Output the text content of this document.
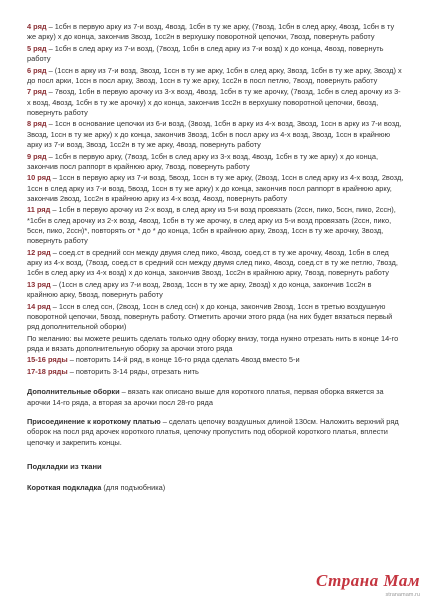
4 ряд – 1сбн в первую арку из 7-и возд, 4возд, 1сбн в ту же арку, (7возд, 1сбн в след арку, 4возд, 1сбн в ту же арку) х до конца, закончив 3возд, 1сс2н в верхушку поворотной цепочки, 7возд, повернуть работу

5 ряд – 1сбн в след арку из 7-и возд, (7возд, 1сбн в след арку из 7-и возд) х до конца, 4возд, повернуть работу

6 ряд – (1ссн в арку из 7-и возд, 3возд, 1ссн в ту же арку, 1сбн в след арку, 3возд, 1сбн в ту же арку, 3возд) х до посл арки, 1ссн в посл арку, 3возд, 1ссн в ту же арку, 1сс2н в посл петлю, 7возд, повернуть работу

7 ряд – 7возд, 1сбн в первую арочку из 3-х возд, 4возд, 1сбн в ту же арочку, (7возд, 1сбн в след арочку из 3-х возд, 4возд, 1сбн в ту же арочку) х до конца, закончив 1сс2н в верхушку поворотной цепочки, 6возд, повернуть работу

8 ряд – 1ссн в основание цепочки из 6-и возд, (3возд, 1сбн в арку из 4-х возд, 3возд, 1ссн в арку из 7-и возд, 3возд, 1ссн в ту же арку) х до конца, закончив 3возд, 1сбн в посл арку из 4-х возд, 3возд, 1ссн в крайнюю арку из 7-и возд, 3возд, 1сс2н в ту же арку, 4возд, повернуть работу

9 ряд – 1сбн в первую арку, (7возд, 1сбн в след арку из 3-х возд, 4возд, 1сбн в ту же арку) х до конца, закончив посл раппорт в крайнюю арку, 7возд, повернуть работу

10 ряд – 1ссн в первую арку из 7-и возд, 5возд, 1ссн в ту же арку, (2возд, 1ссн в след арку из 4-х возд, 2возд, 1ссн в след арку из 7-и возд, 5возд, 1ссн в ту же арку) х до конца, закончив посл раппорт в крайнюю арку, закончив 2возд, 1сс2н в крайнюю арку из 4-х возд, 4возд, повернуть работу

11 ряд – 1сбн в первую арочку из 2-х возд, в след арку из 5-и возд провязать (2ссн, пико, 5ссн, пико, 2ссн), *1сбн в след арочку из 2-х возд, 4возд, 1сбн в ту же арочку, в след арку из 5-и возд провязать (2ссн, пико, 5ссн, пико, 2ссн)*, повторять от * до * до конца, 1сбн в крайнюю арку, 2возд, 1ссн в ту же арочку, 3возд, повернуть работу

12 ряд – соед.ст в средний ссн между двумя след пико, 4возд, соед.ст в ту же арочку, 4возд, 1сбн в след арку из 4-х возд, (7возд, соед.ст в средний ссн между двумя след пико, 4возд, соед.ст в ту же петлю, 7возд, 1сбн в след арку из 4-х возд) х до конца, закончив 3возд, 1сс2н в крайнюю арку, 7возд, повернуть работу

13 ряд – (1ссн в след арку из 7-и возд, 2возд, 1ссн в ту же арку, 2возд) х до конца, закончив 1сс2н в крайнюю арку, 5возд, повернуть работу

14 ряд – 1ссн в след ссн, (2возд, 1ссн в след ссн) х до конца, закончив 2возд, 1ссн в третью воздушную поворотной цепочки, 5возд, повернуть работу. Отметить арочки этого ряда (на них будет вязаться первый ряд дополнительной оборки)

По желанию: вы можете решить сделать только одну оборку внизу, тогда нужно отрезать нить в конце 14-го ряда и вязать дополнительную оборку за арочки этого ряда

15-16 ряды – повторить 14-й ряд, в конце 16-го ряда сделать 4возд вместо 5-и

17-18 ряды – повторить 3-14 ряды, отрезать нить

Дополнительные оборки – вязать как описано выше для короткого платья, первая оборка вяжется за арочки 14-го ряда, а вторая за арочки посл 28-го ряда

Присоединение к короткому платью – сделать цепочку воздушных длиной 130см. Наложить верхний ряд оборок на посл ряд арочек короткого платья, цепочку пропустить под оборкой короткого платья, вплести цепочку и закрепить концы.

Подкладки из ткани

Короткая подкладка (для подъюбника)

Страна Мам
stranamam.ru
